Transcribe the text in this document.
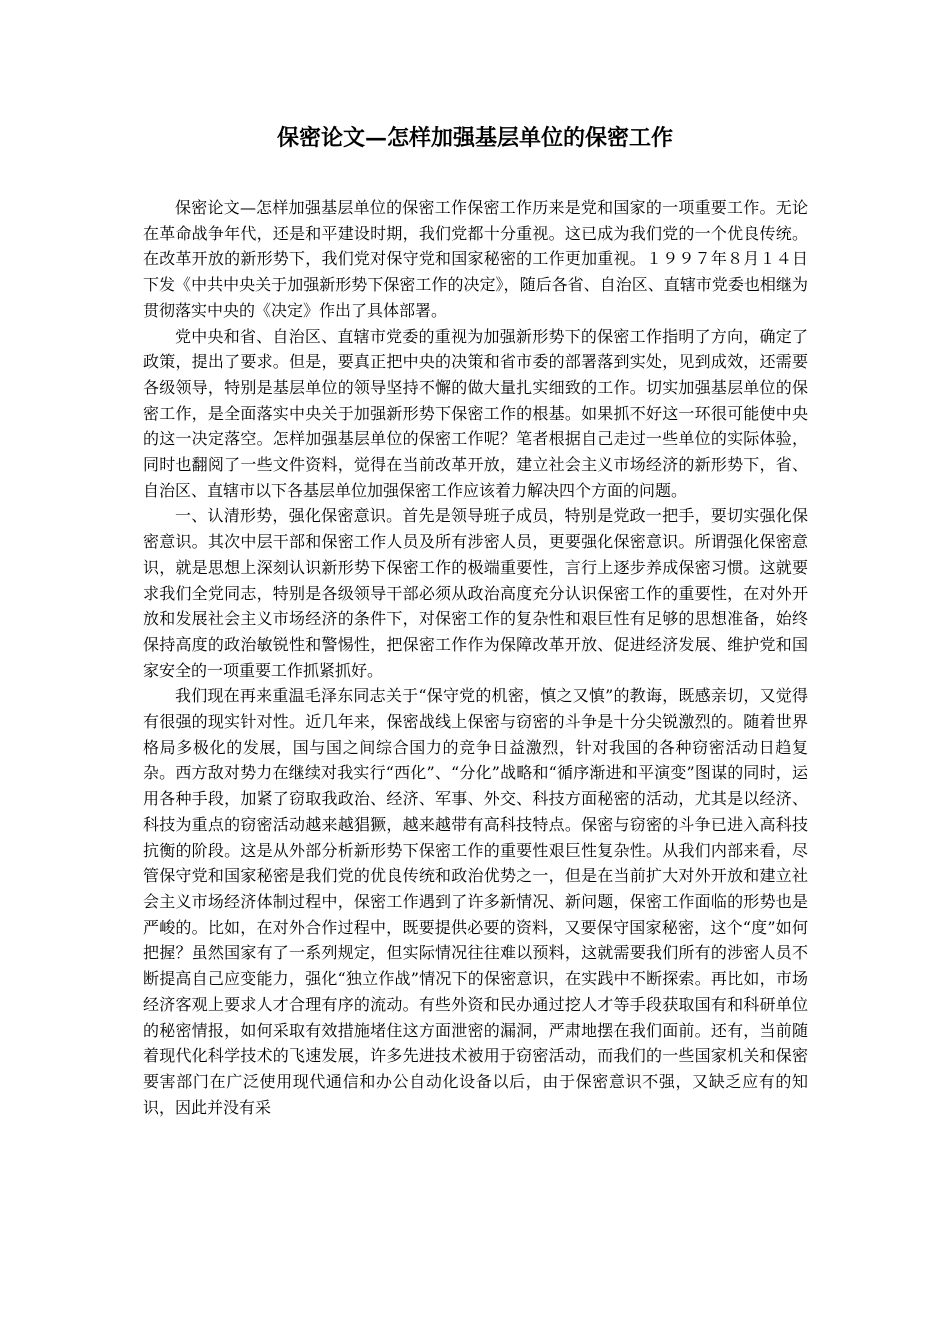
保密论文—怎样加强基层单位的保密工作

保密论文—怎样加强基层单位的保密工作保密工作历来是党和国家的一项重要工作。无论在革命战争年代，还是和平建设时期，我们党都十分重视。这已成为我们党的一个优良传统。在改革开放的新形势下，我们党对保守党和国家秘密的工作更加重视。１９９７年８月１４日下发《中共中央关于加强新形势下保密工作的决定》，随后各省、自治区、直辖市党委也相继为贯彻落实中央的《决定》作出了具体部署。

党中央和省、自治区、直辖市党委的重视为加强新形势下的保密工作指明了方向，确定了政策，提出了要求。但是，要真正把中央的决策和省市委的部署落到实处，见到成效，还需要各级领导，特别是基层单位的领导坚持不懈的做大量扎实细致的工作。切实加强基层单位的保密工作，是全面落实中央关于加强新形势下保密工作的根基。如果抓不好这一环很可能使中央的这一决定落空。怎样加强基层单位的保密工作呢？笔者根据自己走过一些单位的实际体验，同时也翻阅了一些文件资料，觉得在当前改革开放，建立社会主义市场经济的新形势下，省、自治区、直辖市以下各基层单位加强保密工作应该着力解决四个方面的问题。

一、认清形势，强化保密意识。首先是领导班子成员，特别是党政一把手，要切实强化保密意识。其次中层干部和保密工作人员及所有涉密人员，更要强化保密意识。所谓强化保密意识，就是思想上深刻认识新形势下保密工作的极端重要性，言行上逐步养成保密习惯。这就要求我们全党同志，特别是各级领导干部必须从政治高度充分认识保密工作的重要性，在对外开放和发展社会主义市场经济的条件下，对保密工作的复杂性和艰巨性有足够的思想准备，始终保持高度的政治敏锐性和警惕性，把保密工作作为保障改革开放、促进经济发展、维护党和国家安全的一项重要工作抓紧抓好。

我们现在再来重温毛泽东同志关于“保守党的机密，慎之又慎”的教诲，既感亲切，又觉得有很强的现实针对性。近几年来，保密战线上保密与窃密的斗争是十分尖锐激烈的。随着世界格局多极化的发展，国与国之间综合国力的竞争日益激烈，针对我国的各种窃密活动日趋复杂。西方敌对势力在继续对我实行“西化”、“分化”战略和“循序渐进和平演变”图谋的同时，运用各种手段，加紧了窃取我政治、经济、军事、外交、科技方面秘密的活动，尤其是以经济、科技为重点的窃密活动越来越猖獗，越来越带有高科技特点。保密与窃密的斗争已进入高科技抗衡的阶段。这是从外部分析新形势下保密工作的重要性艰巨性复杂性。从我们内部来看，尽管保守党和国家秘密是我们党的优良传统和政治优势之一，但是在当前扩大对外开放和建立社会主义市场经济体制过程中，保密工作遇到了许多新情况、新问题，保密工作面临的形势也是严峻的。比如，在对外合作过程中，既要提供必要的资料，又要保守国家秘密，这个“度”如何把握？虽然国家有了一系列规定，但实际情况往往难以预料，这就需要我们所有的涉密人员不断提高自己应变能力，强化“独立作战”情况下的保密意识，在实践中不断探索。再比如，市场经济客观上要求人才合理有序的流动。有些外资和民办通过挖人才等手段获取国有和科研单位的秘密情报，如何采取有效措施堵住这方面泄密的漏洞，严肃地摆在我们面前。还有，当前随着现代化科学技术的飞速发展，许多先进技术被用于窃密活动，而我们的一些国家机关和保密要害部门在广泛使用现代通信和办公自动化设备以后，由于保密意识不强，又缺乏应有的知识，因此并没有采
